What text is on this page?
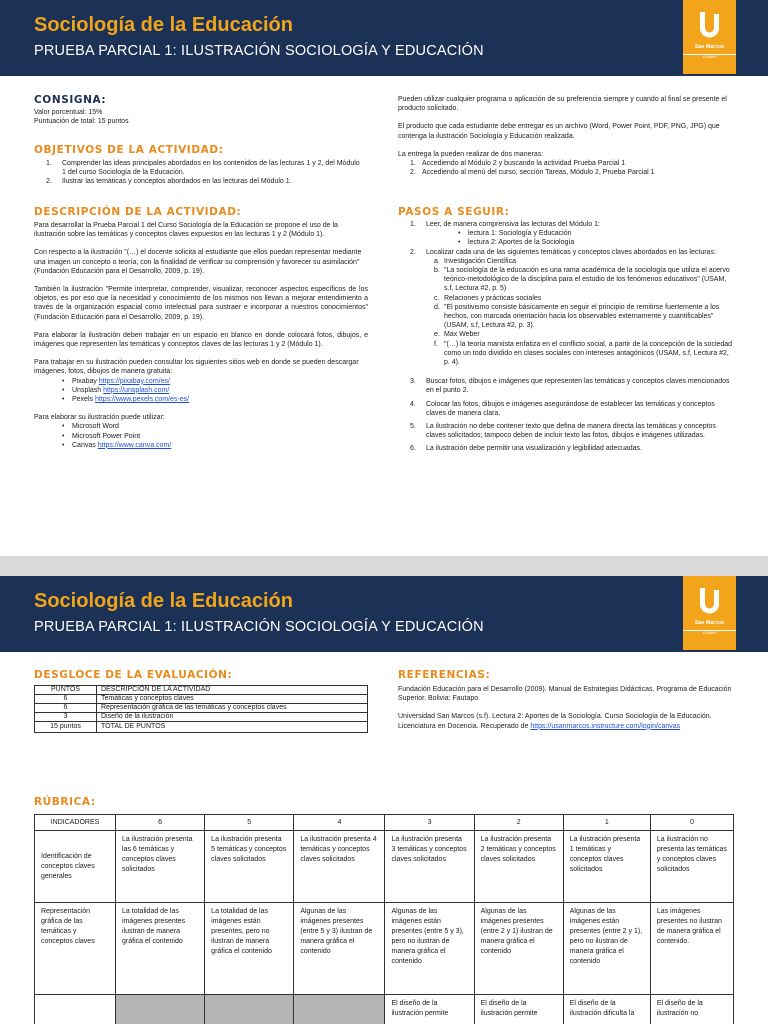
Sociología de la Educación
PRUEBA PARCIAL 1: ILUSTRACIÓN SOCIOLOGÍA Y EDUCACIÓN	San Marcos
ILUMNO
CONSIGNA:
Valor porcentual: 15%
Puntuación de total: 15 puntos
OBJETIVOS DE LA ACTIVIDAD:
1. Comprender las ideas principales abordados en los contenidos de las lecturas 1 y 2, del Módulo 1 del curso Sociología de la Educación.
2. Ilustrar las temáticas y conceptos abordados en las lecturas del Módulo 1.
DESCRIPCIÓN DE LA ACTIVIDAD:

Para desarrollar la Prueba Parcial 1 del Curso Sociología de la Educación se propone el uso de la ilustración sobre las temáticas y conceptos claves expuestos en las lecturas 1 y 2 (Módulo 1).

Con respecto a la ilustración "(…) el docente solicita al estudiante que ellos puedan representar mediante una imagen un concepto o teoría, con la finalidad de verificar su comprensión y favorecer su asimilación" (Fundación Educación para el Desarrollo, 2009, p. 19).

También la ilustración "Permite interpretar, comprender, visualizar, reconocer aspectos específicos de los objetos, es por eso que la necesidad y conocimiento de los mismos nos llevan a mejorar entendimiento a través de la organización espacial como intelectual para sustraer e incorporar a nuestros conocimientos" (Fundación Educación para el Desarrollo, 2009, p. 19).

Para elaborar la ilustración deben trabajar en un espacio en blanco en donde colocará fotos, dibujos, e imágenes que representen las temáticas y conceptos claves de las lecturas 1 y 2 (Módulo 1).

Para trabajar en su ilustración pueden consultar los siguientes sitios web en donde se pueden descargar imágenes, fotos, dibujos de manera gratuita:

• Pixabay https://pixabay.com/es/
• Unsplash https://unsplash.com/
• Pexels https://www.pexels.com/es-es/

Para elaborar su ilustración puede utilizar:

• Microsoft Word
• Microsoft Power Point
• Canvas https://www.canva.com/

Pueden utilizar cualquier programa o aplicación de su preferencia siempre y cuando al final se presente el producto solicitado.

El producto que cada estudiante debe entregar es un archivo (Word, Power Point, PDF, PNG, JPG) que contenga la ilustración Sociología y Educación realizada.

La entrega la pueden realizar de dos maneras:

1. Accediendo al Módulo 2 y buscando la actividad Prueba Parcial 1
2. Accediendo al menú del curso, sección Tareas, Módulo 2, Prueba Parcial 1
PASOS A SEGUIR:
1. Leer, de manera comprensiva las lecturas del Módulo 1:
• lectura 1: Sociología y Educación
• lectura 2: Aportes de la Sociología
2. Localizar cada una de las siguientes temáticas y conceptos claves abordados en las lecturas:
a. Investigación Científica
b. "La sociología de la educación es una rama académica de la sociología que utiliza el acervo teórico-metodológico de la disciplina para el estudio de los fenómenos educativos" (USAM, s.f, Lectura #2, p. 5)
c. Relaciones y prácticas sociales
d. "El positivismo consiste básicamente en seguir el principio de remitirse fuertemente a los hechos, con marcada orientación hacia los observables externamente y cuantificables" (USAM, s.f, Lectura #2, p. 3).
e. Max Weber
f. "(…) la teoría marxista enfatiza en el conflicto social, a partir de la concepción de la sociedad como un todo dividido en clases sociales con intereses antagónicos (USAM, s.f, Lectura #2, p. 4).
3. Buscar fotos, dibujos e imágenes que representen las temáticas y conceptos claves mencionados en el punto 2.
4. Colocar las fotos, dibujos e imágenes asegurándose de establecer las temáticas y conceptos claves de manera clara.
5. La ilustración no debe contener texto que defina de manera directa las temáticas y conceptos claves solicitados; tampoco deben de incluir texto las fotos, dibujos e imágenes utilizadas.
6. La ilustración debe permitir una visualización y legibilidad adecuadas.
Sociología de la Educación
PRUEBA PARCIAL 1: ILUSTRACIÓN SOCIOLOGÍA Y EDUCACIÓN	San Marcos
ILUMNO
DESGLOCE DE LA EVALUACIÓN:
PUNTOS	DESCRIPCIÓN DE LA ACTIVIDAD
6	Temáticas y conceptos claves
6	Representación gráfica de las temáticas y conceptos claves
3	Diseño de la ilustración
15 puntos	TOTAL DE PUNTOS
REFERENCIAS:

Fundación Educación para el Desarrollo (2009). Manual de Estrategias Didácticas. Programa de Educación Superior. Bolivia: Fautapo.

Universidad San Marcos (s.f). Lectura 2: Aportes de la Sociología. Curso Sociología de la Educación. Licenciatura en Docencia. Recuperado de https://usanmarcos.instructure.com/login/canvas

RÚBRICA:
INDICADORES	6	5	4	3	2	1	0
Identificación de conceptos claves generales	La ilustración presenta las 6 temáticas y conceptos claves solicitados	La ilustración presenta 5 temáticas y conceptos claves solicitados	La ilustración presenta 4 temáticas y conceptos claves solicitados	La ilustración presenta 3 temáticas y conceptos claves solicitados	La ilustración presenta 2 temáticas y conceptos claves solicitados	La ilustración presenta 1 temáticas y conceptos claves solicitados	La ilustración no presenta las temáticas y conceptos claves solicitados
Representación gráfica de las temáticas y conceptos claves	La totalidad de las imágenes presentes ilustran de manera gráfica el contenido	La totalidad de las imágenes están presentes, pero no ilustran de manera gráfica el contenido	Algunas de las imágenes presentes (entre 5 y 3) ilustran de manera gráfica el contenido	Algunas de las imágenes están presentes (entre 5 y 3), pero no ilustran de manera gráfica el contenido	Algunas de las imágenes presentes (entre 2 y 1) ilustran de manera gráfica el contenido	Algunas de las imágenes están presentes (entre 2 y 1), pero no ilustran de manera gráfica el contenido	Las imágenes presentes no ilustran de manera gráfica el contenido.
				El diseño de la ilustración permite	El diseño de la ilustración permite	El diseño de la ilustración dificulta la	El diseño de la ilustración no
